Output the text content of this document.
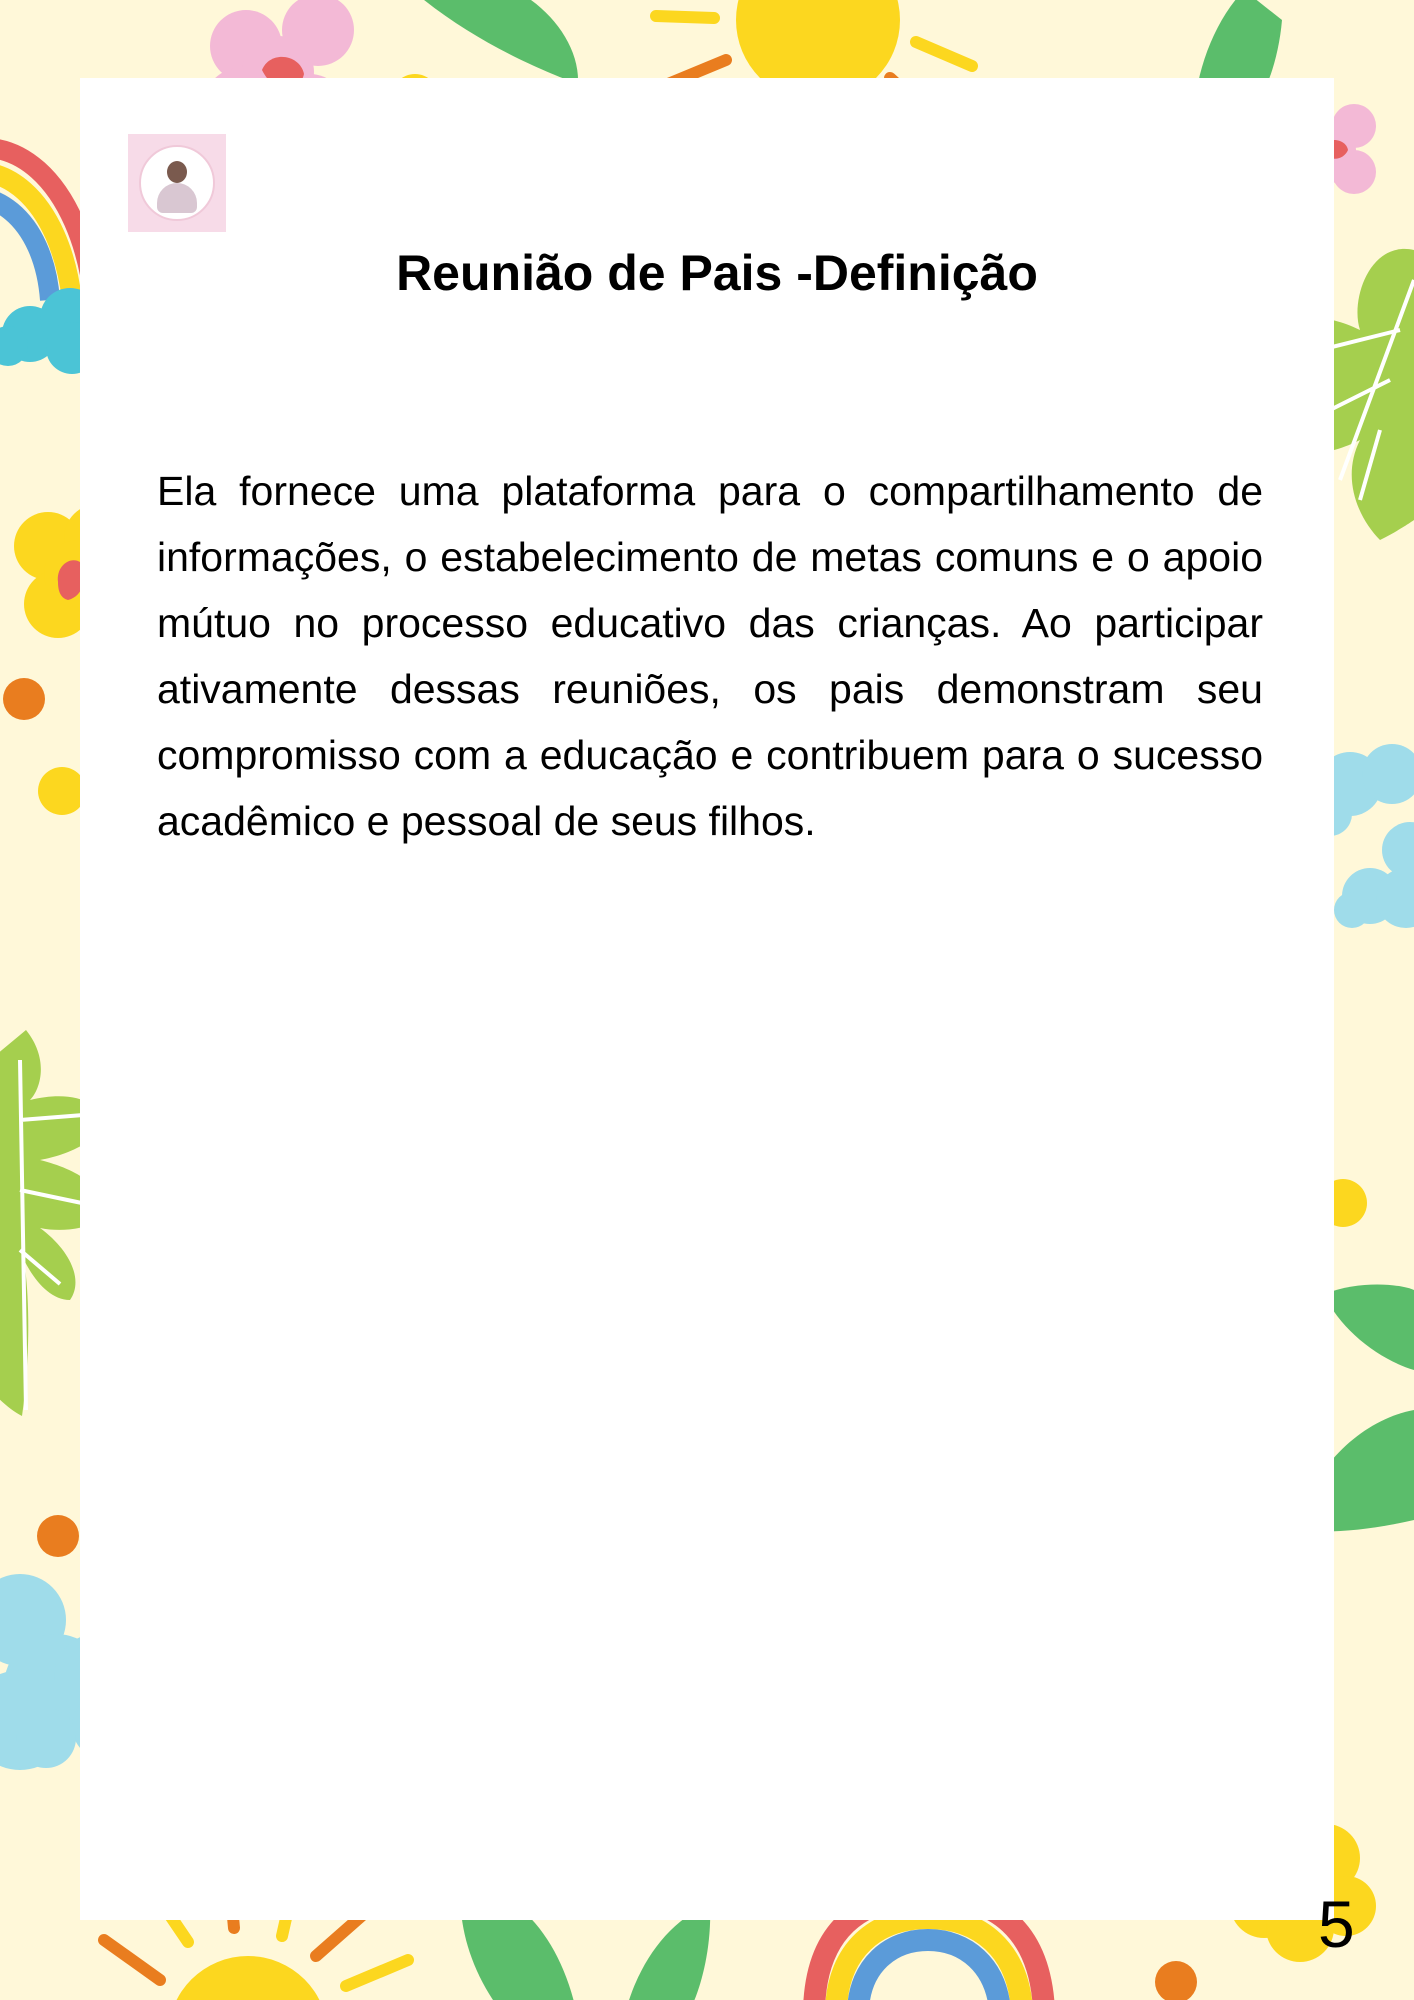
Reunião de Pais -Definição

Ela fornece uma plataforma para o compartilhamento de informações, o estabelecimento de metas comuns e o apoio mútuo no processo educativo das crianças. Ao participar ativamente dessas reuniões, os pais demonstram seu compromisso com a educação e contribuem para o sucesso acadêmico e pessoal de seus filhos.

5
